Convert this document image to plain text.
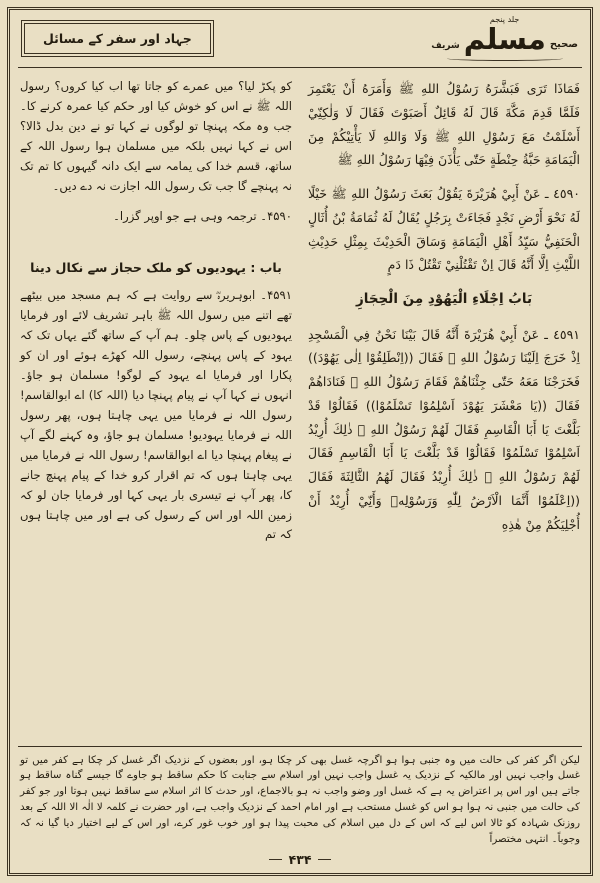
جلد پنجم
صحیح
مسلم
شریف
جہاد اور سفر کے مسائل

فَمَاذَا تَرَى فَبَشَّرَهُ رَسُوْلُ اللهِ ﷺ وَأَمَرَهُ أَنْ يَعْتَمِرَ فَلَمَّا قَدِمَ مَكَّةَ قَالَ لَهُ قَائِلٌ أَصَبَوْتَ فَقَالَ لَا وَلٰكِنِّيْ أَسْلَمْتُ مَعَ رَسُوْلِ اللهِ ﷺ وَلَا وَاللهِ لَا يَأْتِيْكُمْ مِنَ الْيَمَامَةِ حَبَّةُ حِنْطَةٍ حَتّٰى يَأْذَنَ فِيْهَا رَسُوْلُ اللهِ ﷺ

٤٥٩٠ ـ عَنْ أَبِيْ هُرَيْرَةَ يَقُوْلُ بَعَثَ رَسُوْلُ اللهِ ﷺ خَيْلًا لَهُ نَحْوَ أَرْضِ نَجْدٍ فَجَاءَتْ بِرَجُلٍ يُقَالُ لَهُ ثُمَامَةُ بْنُ أُثَالٍ الْحَنَفِيُّ سَيِّدُ أَهْلِ الْيَمَامَةِ وَسَاقَ الْحَدِيْثَ بِمِثْلِ حَدِيْثِ اللَّيْثِ اِلَّا أَنَّهُ قَالَ اِنْ تَقْتُلْنِيْ تَقْتُلْ ذَا دَمٍ

بَابُ اِجْلَاءِ الْيَهُوْدِ مِنَ الْحِجَازِ

٤٥٩١ ـ عَنْ أَبِيْ هُرَيْرَةَ أَنَّهُ قَالَ بَيْنَا نَحْنُ فِي الْمَسْجِدِ اِذْ خَرَجَ اِلَيْنَا رَسُوْلُ اللهِ ﷺ فَقَالَ ((اِنْطَلِقُوْا اِلٰى يَهُوْدَ)) فَخَرَجْنَا مَعَهُ حَتّٰى جِئْنَاهُمْ فَقَامَ رَسُوْلُ اللهِ ﷺ فَنَادَاهُمْ فَقَالَ ((يَا مَعْشَرَ يَهُوْدَ اَسْلِمُوْا تَسْلَمُوْا)) فَقَالُوْا قَدْ بَلَّغْتَ يَا أَبَا الْقَاسِمِ فَقَالَ لَهُمْ رَسُوْلُ اللهِ ﷺ ذٰلِكَ أُرِيْدُ اَسْلِمُوْا تَسْلَمُوْا فَقَالُوْا قَدْ بَلَّغْتَ يَا أَبَا الْقَاسِمِ فَقَالَ لَهُمْ رَسُوْلُ اللهِ ﷺ ذٰلِكَ أُرِيْدُ فَقَالَ لَهُمُ الثَّالِثَةَ فَقَالَ ((اِعْلَمُوْا أَنَّمَا الْاَرْضُ لِلّٰهِ وَرَسُوْلِهٖ وَأَنِّيْ أُرِيْدُ أَنْ أُجْلِيَكُمْ مِنْ هٰذِهِ

کو پکڑ لیا؟ میں عمرے کو جاتا تھا اب کیا کروں؟ رسول اللہ ﷺ نے اس کو خوش کیا اور حکم کیا عمرہ کرنے کا۔ جب وہ مکہ پہنچا تو لوگوں نے کہا تو نے دین بدل ڈالا؟ اس نے کہا نہیں بلکہ میں مسلمان ہوا رسول اللہ کے ساتھ، قسم خدا کی یمامہ سے ایک دانہ گیہوں کا تم تک نہ پہنچے گا جب تک رسول اللہ اجازت نہ دے دیں۔

۴۵۹۰۔ ترجمہ وہی ہے جو اوپر گزرا۔

باب : یہودیوں کو ملک حجاز سے نکال دینا

۴۵۹۱۔ ابوہریرہؓ سے روایت ہے کہ ہم مسجد میں بیٹھے تھے اتنے میں رسول اللہ ﷺ باہر تشریف لائے اور فرمایا یہودیوں کے پاس چلو۔ ہم آپ کے ساتھ گئے یہاں تک کہ یہود کے پاس پہنچے، رسول اللہ کھڑے ہوئے اور ان کو پکارا اور فرمایا اے یہود کے لوگو! مسلمان ہو جاؤ۔ انہوں نے کہا آپ نے پیام پہنچا دیا (اللہ کا) اے ابوالقاسم! رسول اللہ نے فرمایا میں یہی چاہتا ہوں، پھر رسول اللہ نے فرمایا یہودیو! مسلمان ہو جاؤ، وہ کہنے لگے آپ نے پیغام پہنچا دیا اے ابوالقاسم! رسول اللہ نے فرمایا میں یہی چاہتا ہوں کہ تم اقرار کرو خدا کے پیام پہنچ جانے کا، پھر آپ نے تیسری بار یہی کہا اور فرمایا جان لو کہ زمین اللہ اور اس کے رسول کی ہے اور میں چاہتا ہوں کہ تم

لیکن اگر کفر کی حالت میں وہ جنبی ہوا ہو اگرچہ غسل بھی کر چکا ہو، اور بعضوں کے نزدیک اگر غسل کر چکا ہے کفر میں تو غسل واجب نہیں اور مالکیہ کے نزدیک یہ غسل واجب نہیں اور اسلام سے جنابت کا حکم ساقط ہو جاوے گا جیسے گناہ ساقط ہو جاتے ہیں اور اس پر اعتراض یہ ہے کہ غسل اور وضو واجب نہ ہو بالاجماع، اور حدث کا اثر اسلام سے ساقط نہیں ہوتا اور جو کفر کی حالت میں جنبی نہ ہوا ہو اس کو غسل مستحب ہے اور امام احمد کے نزدیک واجب ہے، اور حضرت نے کلمہ لا الٰہ الا اللہ کے بعد روزنک شہادہ کو ٹالا اس لیے کہ اس کے دل میں اسلام کی محبت پیدا ہو اور خوب غور کرے، اور اس کے لیے اختیار دیا گیا نہ کہ وجوباً۔ انتہی مختصراً

۴۳۴
